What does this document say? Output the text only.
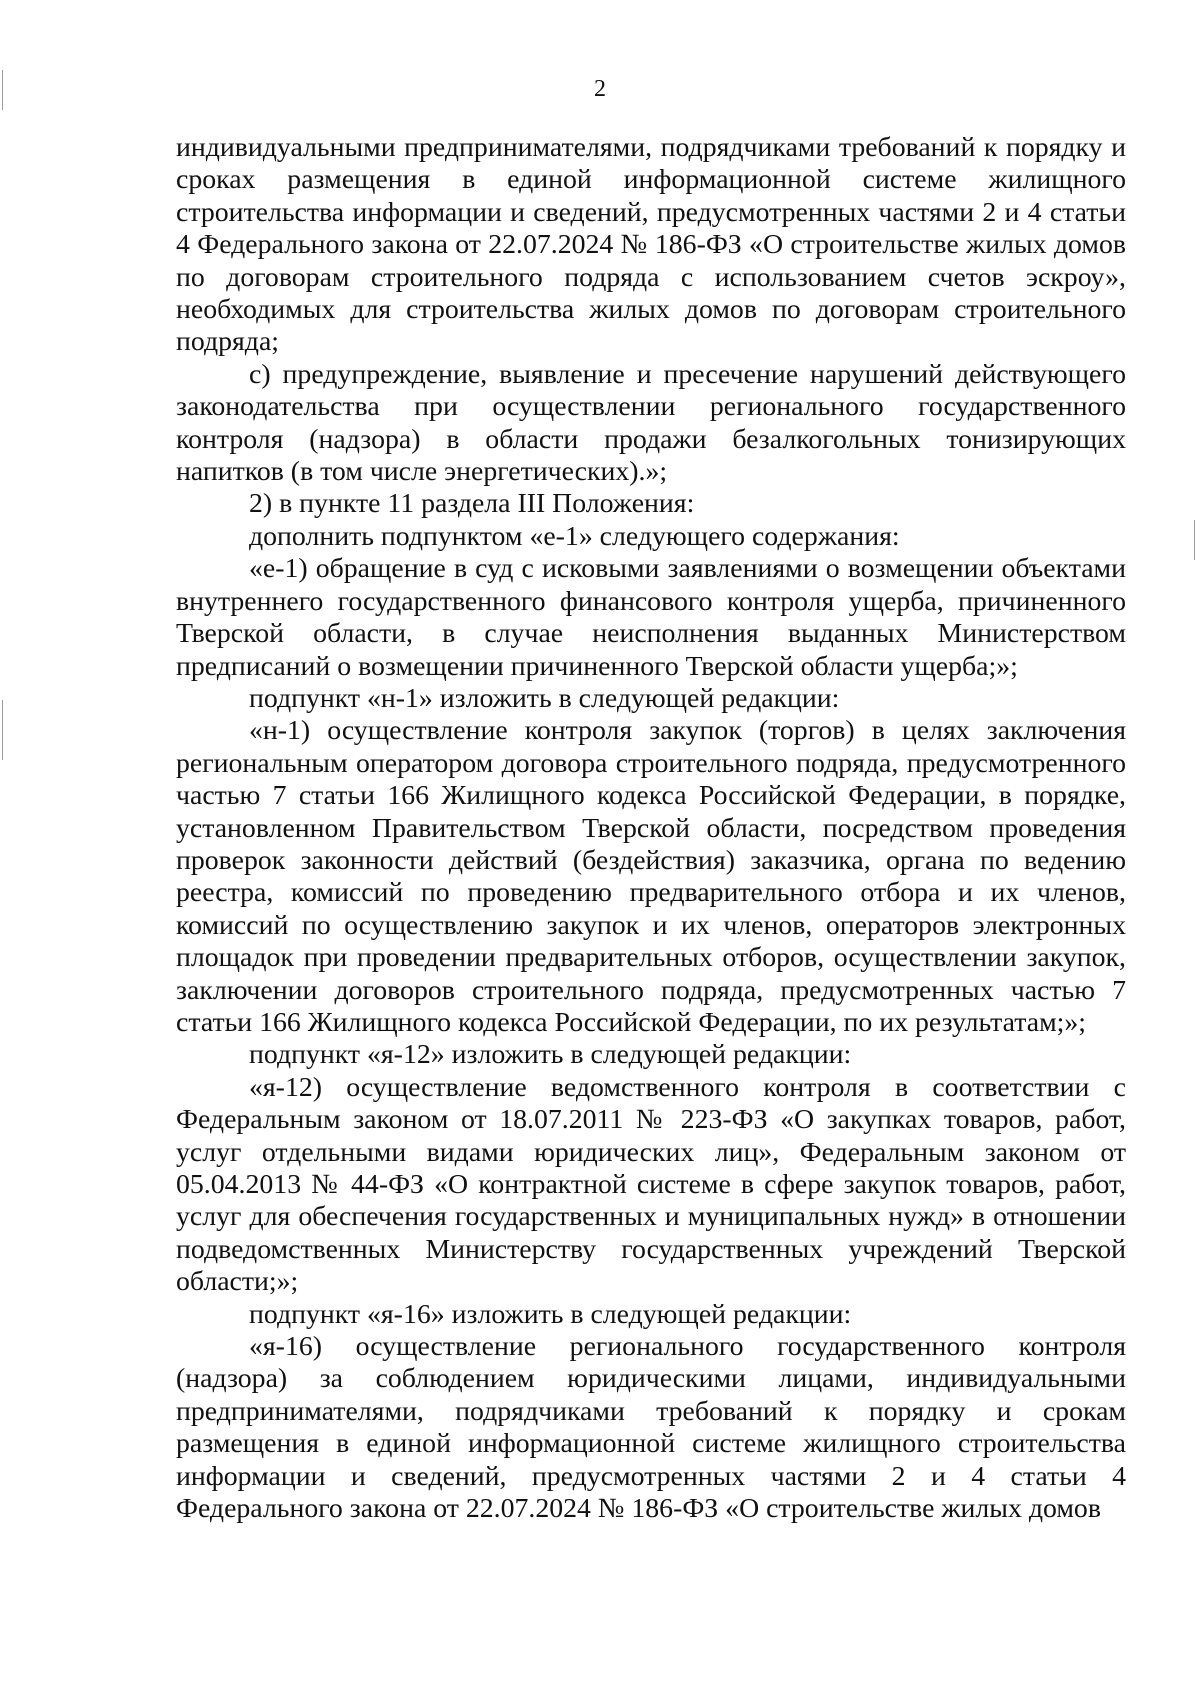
2

индивидуальными предпринимателями, подрядчиками требований к порядку и сроках размещения в единой информационной системе жилищного строительства информации и сведений, предусмотренных частями 2 и 4 статьи 4 Федерального закона от 22.07.2024 № 186-ФЗ «О строительстве жилых домов по договорам строительного подряда с использованием счетов эскроу», необходимых для строительства жилых домов по договорам строительного подряда;

с) предупреждение, выявление и пресечение нарушений действующего законодательства при осуществлении регионального государственного контроля (надзора) в области продажи безалкогольных тонизирующих напитков (в том числе энергетических).»;

2) в пункте 11 раздела III Положения:

дополнить подпунктом «е-1» следующего содержания:

«е-1) обращение в суд с исковыми заявлениями о возмещении объектами внутреннего государственного финансового контроля ущерба, причиненного Тверской области, в случае неисполнения выданных Министерством предписаний о возмещении причиненного Тверской области ущерба;»;

подпункт «н-1» изложить в следующей редакции:

«н-1) осуществление контроля закупок (торгов) в целях заключения региональным оператором договора строительного подряда, предусмотренного частью 7 статьи 166 Жилищного кодекса Российской Федерации, в порядке, установленном Правительством Тверской области, посредством проведения проверок законности действий (бездействия) заказчика, органа по ведению реестра, комиссий по проведению предварительного отбора и их членов, комиссий по осуществлению закупок и их членов, операторов электронных площадок при проведении предварительных отборов, осуществлении закупок, заключении договоров строительного подряда, предусмотренных частью 7 статьи 166 Жилищного кодекса Российской Федерации, по их результатам;»;

подпункт «я-12» изложить в следующей редакции:

«я-12) осуществление ведомственного контроля в соответствии с Федеральным законом от 18.07.2011 № 223-ФЗ «О закупках товаров, работ, услуг отдельными видами юридических лиц», Федеральным законом от 05.04.2013 № 44-ФЗ «О контрактной системе в сфере закупок товаров, работ, услуг для обеспечения государственных и муниципальных нужд» в отношении подведомственных Министерству государственных учреждений Тверской области;»;

подпункт «я-16» изложить в следующей редакции:

«я-16) осуществление регионального государственного контроля (надзора) за соблюдением юридическими лицами, индивидуальными предпринимателями, подрядчиками требований к порядку и срокам размещения в единой информационной системе жилищного строительства информации и сведений, предусмотренных частями 2 и 4 статьи 4 Федерального закона от 22.07.2024 № 186-ФЗ «О строительстве жилых домов
